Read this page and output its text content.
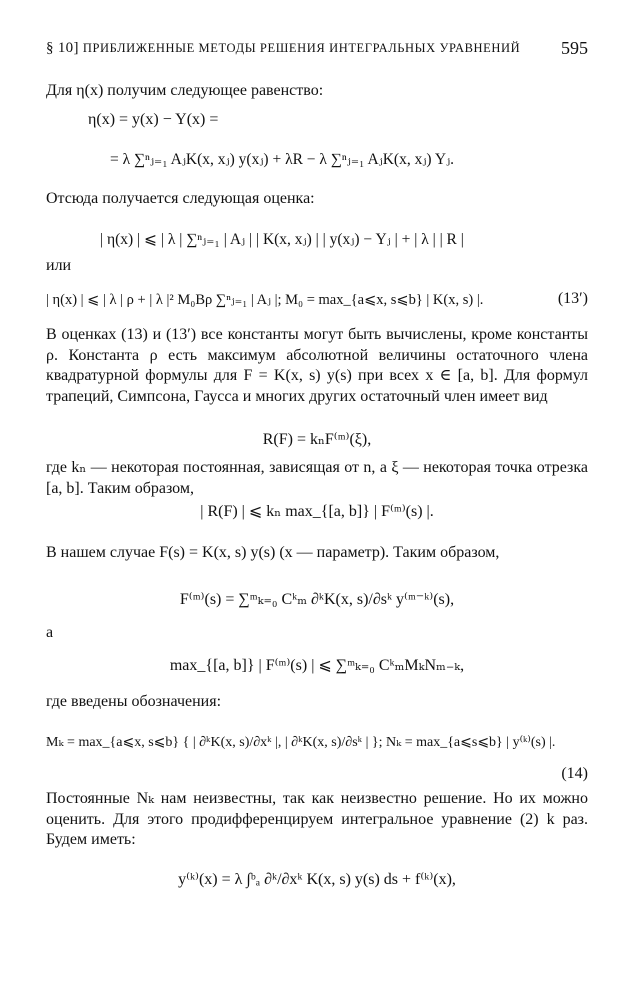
§ 10] ПРИБЛИЖЕННЫЕ МЕТОДЫ РЕШЕНИЯ ИНТЕГРАЛЬНЫХ УРАВНЕНИЙ 595
Для η(x) получим следующее равенство:
η(x) = y(x) − Y(x) =
= λ ∑ⁿⱼ₌₁ AⱼK(x, xⱼ) y(xⱼ) + λR − λ ∑ⁿⱼ₌₁ AⱼK(x, xⱼ) Yⱼ.
Отсюда получается следующая оценка:
| η(x) | ⩽ | λ | ∑ⁿⱼ₌₁ | Aⱼ | | K(x, xⱼ) | | y(xⱼ) − Yⱼ | + | λ | | R |
или
| η(x) | ⩽ | λ | ρ + | λ |² M₀Bρ ∑ⁿⱼ₌₁ | Aⱼ |; M₀ = max_{a⩽x, s⩽b} | K(x, s) |.	(13′)
В оценках (13) и (13′) все константы могут быть вычислены, кроме константы ρ. Константа ρ есть максимум абсолютной величины остаточного члена квадратурной формулы для F = K(x, s) y(s) при всех x ∈ [a, b]. Для формул трапеций, Симпсона, Гаусса и многих других остаточный член имеет вид
R(F) = kₙF⁽ᵐ⁾(ξ),
где kₙ — некоторая постоянная, зависящая от n, а ξ — некоторая точка отрезка [a, b]. Таким образом,
| R(F) | ⩽ kₙ max_{[a, b]} | F⁽ᵐ⁾(s) |.
В нашем случае F(s) = K(x, s) y(s) (x — параметр). Таким образом,
F⁽ᵐ⁾(s) = ∑ᵐₖ₌₀ Cᵏₘ ∂ᵏK(x, s)/∂sᵏ y⁽ᵐ⁻ᵏ⁾(s),
а
max_{[a, b]} | F⁽ᵐ⁾(s) | ⩽ ∑ᵐₖ₌₀ CᵏₘMₖNₘ₋ₖ,
где введены обозначения:
Mₖ = max_{a⩽x, s⩽b} { | ∂ᵏK(x, s)/∂xᵏ |, | ∂ᵏK(x, s)/∂sᵏ | }; Nₖ = max_{a⩽s⩽b} | y⁽ᵏ⁾(s) |.
(14)
Постоянные Nₖ нам неизвестны, так как неизвестно решение. Но их можно оценить. Для этого продифференцируем интегральное уравнение (2) k раз. Будем иметь:
y⁽ᵏ⁾(x) = λ ∫ᵇₐ ∂ᵏ/∂xᵏ K(x, s) y(s) ds + f⁽ᵏ⁾(x),
